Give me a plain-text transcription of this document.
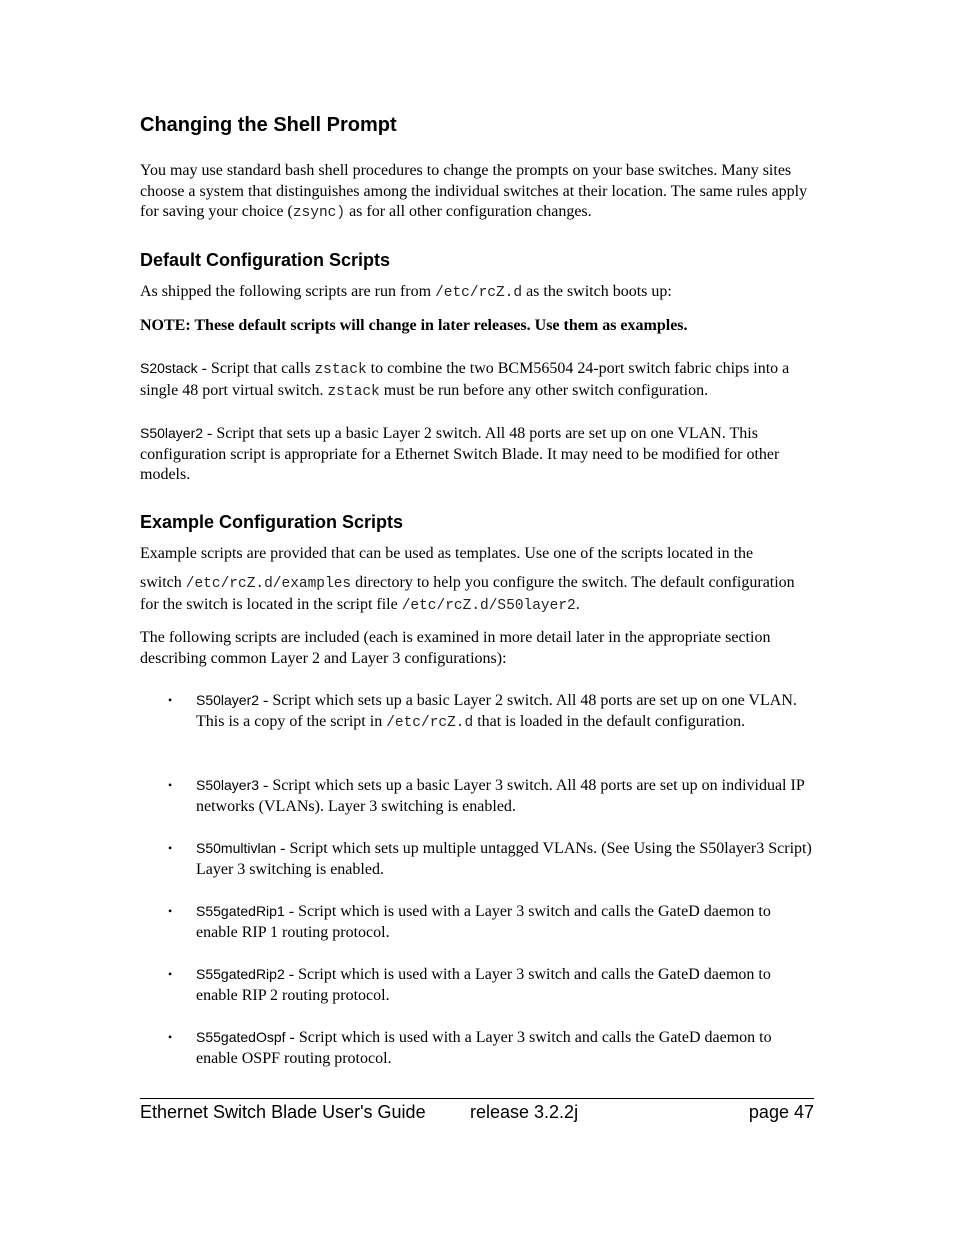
Changing the Shell Prompt

You may use standard bash shell procedures to change the prompts on your base switches. Many sites choose a system that distinguishes among the individual switches at their location. The same rules apply for saving your choice (zsync) as for all other configuration changes.

Default Configuration Scripts

As shipped the following scripts are run from /etc/rcZ.d as the switch boots up:

NOTE: These default scripts will change in later releases. Use them as examples.

S20stack - Script that calls zstack to combine the two BCM56504 24-port switch fabric chips into a single 48 port virtual switch. zstack must be run before any other switch configuration.

S50layer2 - Script that sets up a basic Layer 2 switch. All 48 ports are set up on one VLAN. This configuration script is appropriate for a Ethernet Switch Blade. It may need to be modified for other models.

Example Configuration Scripts

Example scripts are provided that can be used as templates. Use one of the scripts located in the

switch /etc/rcZ.d/examples directory to help you configure the switch. The default configuration for the switch is located in the script file /etc/rcZ.d/S50layer2.

The following scripts are included (each is examined in more detail later in the appropriate section describing common Layer 2 and Layer 3 configurations):

• S50layer2 - Script which sets up a basic Layer 2 switch. All 48 ports are set up on one VLAN. This is a copy of the script in /etc/rcZ.d that is loaded in the default configuration.

• S50layer3 - Script which sets up a basic Layer 3 switch. All 48 ports are set up on individual IP networks (VLANs). Layer 3 switching is enabled.

• S50multivlan - Script which sets up multiple untagged VLANs. (See Using the S50layer3 Script) Layer 3 switching is enabled.

• S55gatedRip1 - Script which is used with a Layer 3 switch and calls the GateD daemon to enable RIP 1 routing protocol.

• S55gatedRip2 - Script which is used with a Layer 3 switch and calls the GateD daemon to enable RIP 2 routing protocol.

• S55gatedOspf - Script which is used with a Layer 3 switch and calls the GateD daemon to enable OSPF routing protocol.

Ethernet Switch Blade User's Guide release 3.2.2j	page 47
